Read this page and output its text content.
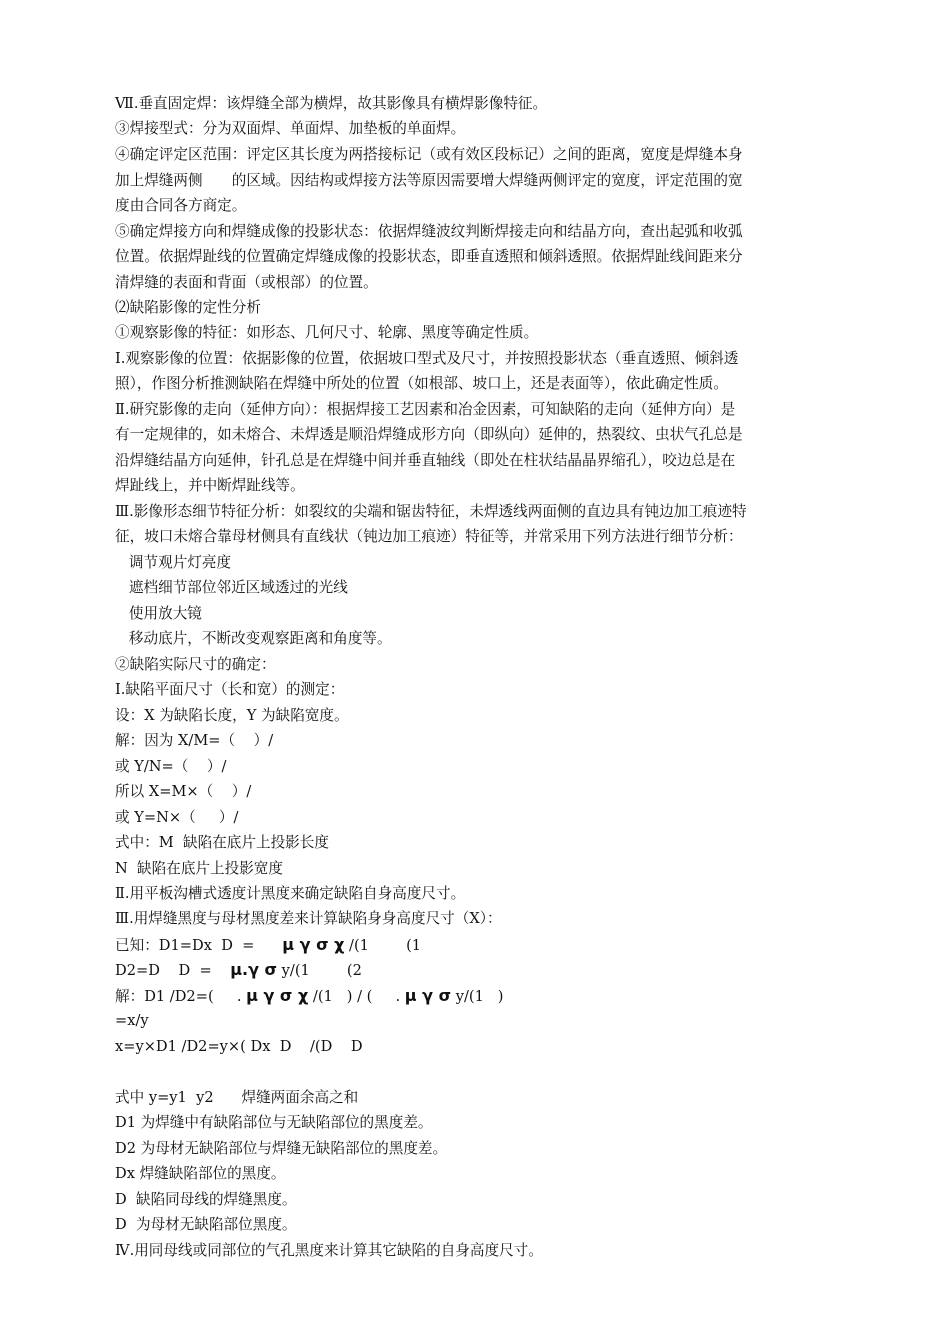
Ⅶ.垂直固定焊：该焊缝全部为横焊，故其影像具有横焊影像特征。
③焊接型式：分为双面焊、单面焊、加垫板的单面焊。
④确定评定区范围：评定区其长度为两搭接标记（或有效区段标记）之间的距离，宽度是焊缝本身
加上焊缝两侧　　的区域。因结构或焊接方法等原因需要增大焊缝两侧评定的宽度，评定范围的宽
度由合同各方商定。
⑤确定焊接方向和焊缝成像的投影状态：依据焊缝波纹判断焊接走向和结晶方向，查出起弧和收弧
位置。依据焊趾线的位置确定焊缝成像的投影状态，即垂直透照和倾斜透照。依据焊趾线间距来分
清焊缝的表面和背面（或根部）的位置。
⑵缺陷影像的定性分析
①观察影像的特征：如形态、几何尺寸、轮廓、黑度等确定性质。
Ⅰ.观察影像的位置：依据影像的位置，依据坡口型式及尺寸，并按照投影状态（垂直透照、倾斜透
照），作图分析推测缺陷在焊缝中所处的位置（如根部、坡口上，还是表面等），依此确定性质。
Ⅱ.研究影像的走向（延伸方向）：根据焊接工艺因素和冶金因素，可知缺陷的走向（延伸方向）是
有一定规律的，如未熔合、未焊透是顺沿焊缝成形方向（即纵向）延伸的，热裂纹、虫状气孔总是
沿焊缝结晶方向延伸，针孔总是在焊缝中间并垂直轴线（即处在柱状结晶晶界缩孔），咬边总是在
焊趾线上，并中断焊趾线等。
Ⅲ.影像形态细节特征分析：如裂纹的尖端和锯齿特征，未焊透线两面侧的直边具有钝边加工痕迹特
征，坡口未熔合靠母材侧具有直线状（钝边加工痕迹）特征等，并常采用下列方法进行细节分析：
调节观片灯亮度
遮档细节部位邻近区域透过的光线
使用放大镜
移动底片，不断改变观察距离和角度等。
②缺陷实际尺寸的确定：
Ⅰ.缺陷平面尺寸（长和宽）的测定：
设：X 为缺陷长度，Y 为缺陷宽度。
解：因为 X/M=（    ）/
或 Y/N=（    ）/
所以 X=M×（    ）/
或 Y=N×（     ）/
式中：M  缺陷在底片上投影长度
N  缺陷在底片上投影宽度
Ⅱ.用平板沟槽式透度计黑度来确定缺陷自身高度尺寸。
Ⅲ.用焊缝黑度与母材黑度差来计算缺陷身身高度尺寸（X）：
已知：D1=Dx  D  =      μ γ σ χ /(1        (1
D2=D    D  =    μ.γ σ y/(1        (2
解：D1 /D2=(     . μ γ σ χ /(1   ) / (     . μ γ σ y/(1   )
=x/y
x=y×D1 /D2=y×( Dx  D    /(D    D
式中 y=y1  y2      焊缝两面余高之和
D1 为焊缝中有缺陷部位与无缺陷部位的黑度差。
D2 为母材无缺陷部位与焊缝无缺陷部位的黑度差。
Dx 焊缝缺陷部位的黑度。
D  缺陷同母线的焊缝黑度。
D  为母材无缺陷部位黑度。
Ⅳ.用同母线或同部位的气孔黑度来计算其它缺陷的自身高度尺寸。
